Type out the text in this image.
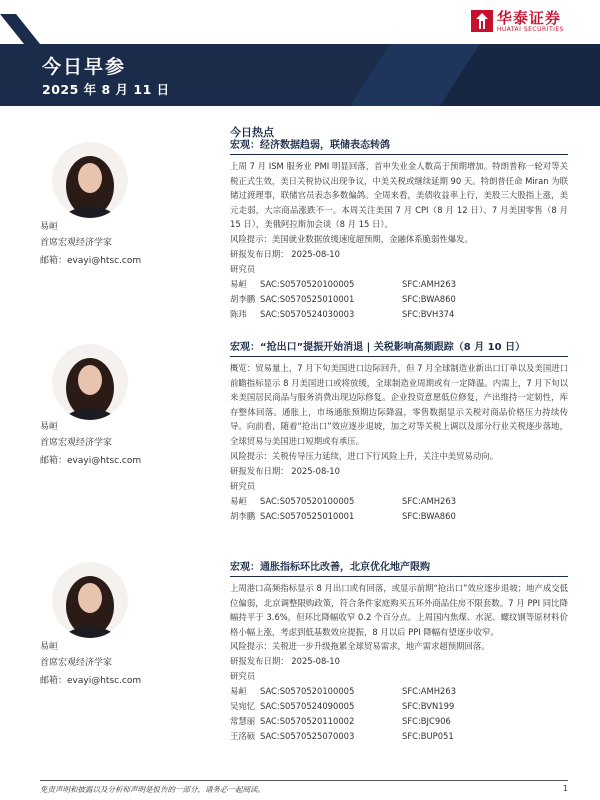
华泰证券
HUATAI SECURITIES
今日早参
2025 年 8 月 11 日
易峘
首席宏观经济学家
邮箱：evayi@htsc.com
易峘
首席宏观经济学家
邮箱：evayi@htsc.com
易峘
首席宏观经济学家
邮箱：evayi@htsc.com
今日热点
宏观：经济数据趋弱，联储表态转鸽
上周 7 月 ISM 服务业 PMI 明显回落，首申失业金人数高于预期增加。特朗普称一轮对等关税正式生效，美日关税协议出现争议，中美关税或继续延期 90 天。特朗普任命 Miran 为联储过渡理事，联储官员表态多数偏鸽。全周来看，美债收益率上行，美股三大股指上涨，美元走弱，大宗商品涨跌不一。本周关注美国 7 月 CPI（8 月 12 日）、7 月美国零售（8 月 15 日），美俄阿拉斯加会谈（8 月 15 日）。
风险提示：美国就业数据放缓速度超预期，金融体系脆弱性爆发。
研报发布日期： 2025-08-10
研究员
易峘 SAC:S0570520100005	SFC:AMH263
胡李鹏 SAC:S0570525010001	SFC:BWA860
陈玮 SAC:S0570524030003	SFC:BVH374
宏观：“抢出口”提振开始消退 | 关税影响高频跟踪（8 月 10 日）
概览：贸易量上，7 月下旬美国进口边际回升，但 7 月全球制造业新出口订单以及美国进口前瞻指标显示 8 月美国进口或将放缓，全球制造业周期或有一定降温。内需上，7 月下旬以来美国居民商品与服务消费出现边际修复。企业投资意愿低位修复，产出维持一定韧性，库存整体回落。通胀上，市场通胀预期边际降温，零售数据显示关税对商品价格压力持续传导。向前看，随着“抢出口”效应逐步退坡，加之对等关税上调以及部分行业关税逐步落地，全球贸易与美国进口短期或有承压。
风险提示：关税传导压力延续，进口下行风险上升，关注中美贸易动向。
研报发布日期： 2025-08-10
研究员
易峘 SAC:S0570520100005	SFC:AMH263
胡李鹏 SAC:S0570525010001	SFC:BWA860
宏观：通胀指标环比改善，北京优化地产限购
上周港口高频指标显示 8 月出口或有回落，或显示前期“抢出口”效应逐步退坡；地产成交低位偏弱，北京调整限购政策，符合条件家庭购买五环外商品住房不限套数。7 月 PPI 同比降幅持平于 3.6%，但环比降幅收窄 0.2 个百分点。上周国内焦煤、水泥、螺纹钢等原材料价格小幅上涨，考虑到低基数效应提振，8 月以后 PPI 降幅有望逐步收窄。
风险提示：关税进一步升级拖累全球贸易需求，地产需求超预期回落。
研报发布日期： 2025-08-10
研究员
易峘 SAC:S0570520100005	SFC:AMH263
吴宛忆 SAC:S0570524090005	SFC:BVN199
常慧丽 SAC:S0570520110002	SFC:BJC906
王洺硕 SAC:S0570525070003	SFC:BUP051
免责声明和披露以及分析师声明是报告的一部分，请务必一起阅读。	1
